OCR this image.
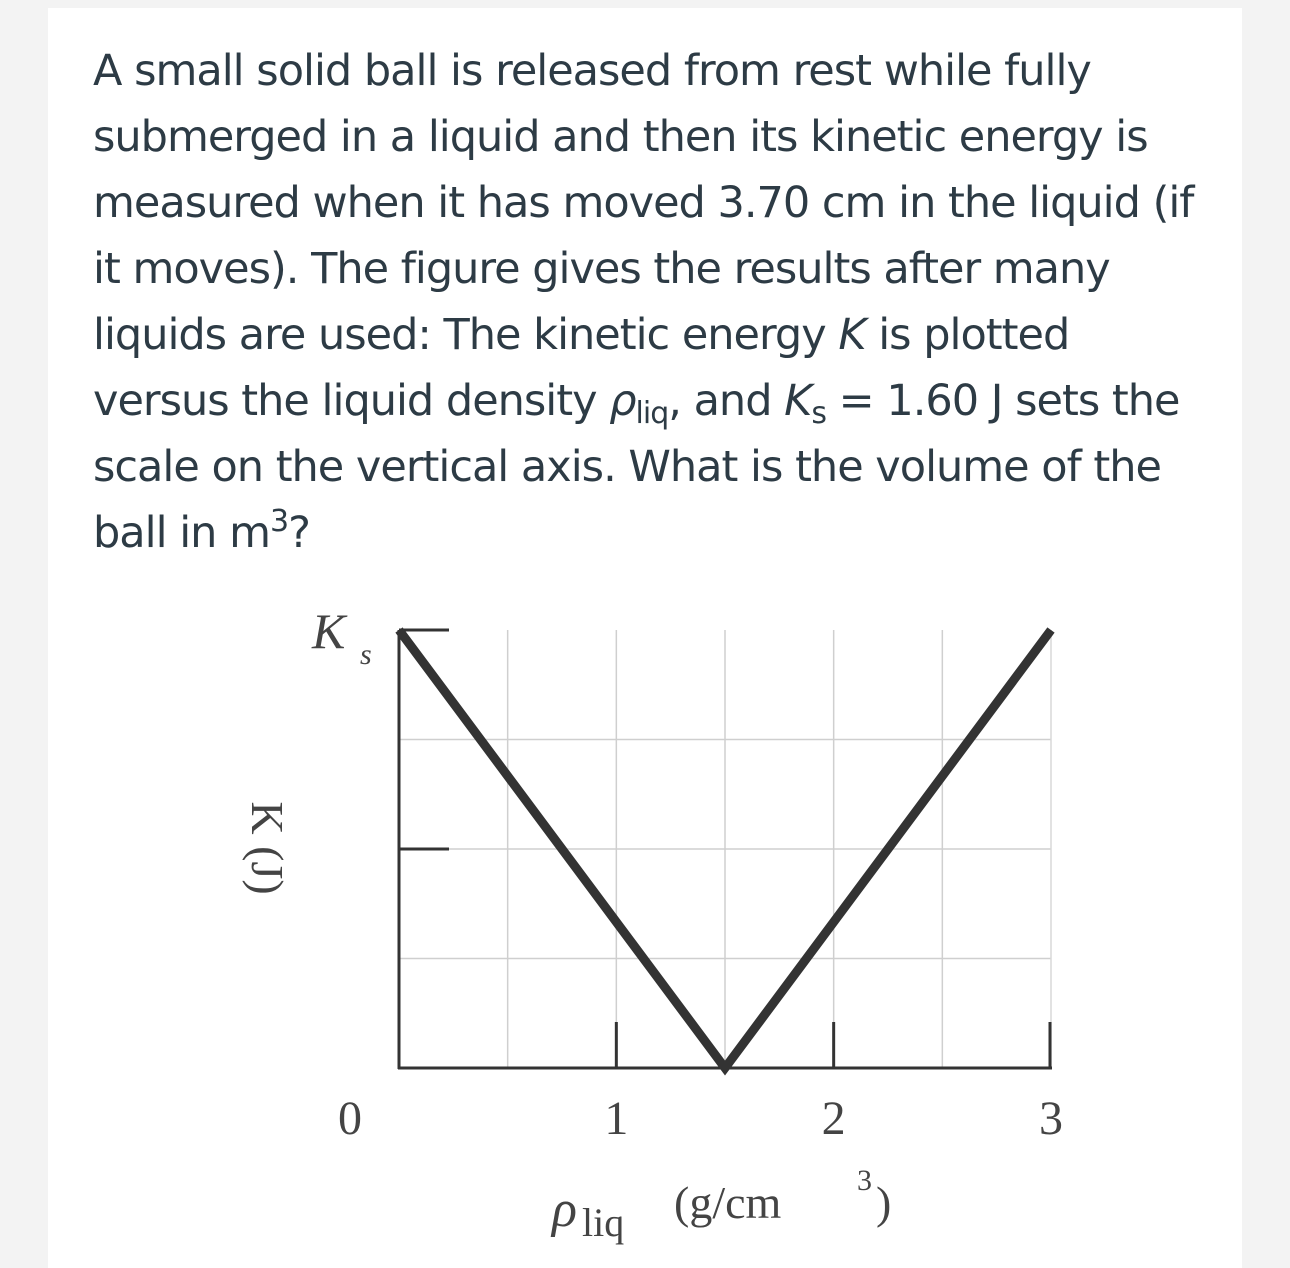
A small solid ball is released from rest while fully submerged in a liquid and then its kinetic energy is measured when it has moved 3.70 cm in the liquid (if it moves). The figure gives the results after many liquids are used: The kinetic energy K is plotted versus the liquid density $\rho_{liq}$, and $K_s = 1.60$ J sets the scale on the vertical axis. What is the volume of the ball in $m^3$?
K s
K (J)
0	1	2	3
ρ liq (g/cm	3 )
